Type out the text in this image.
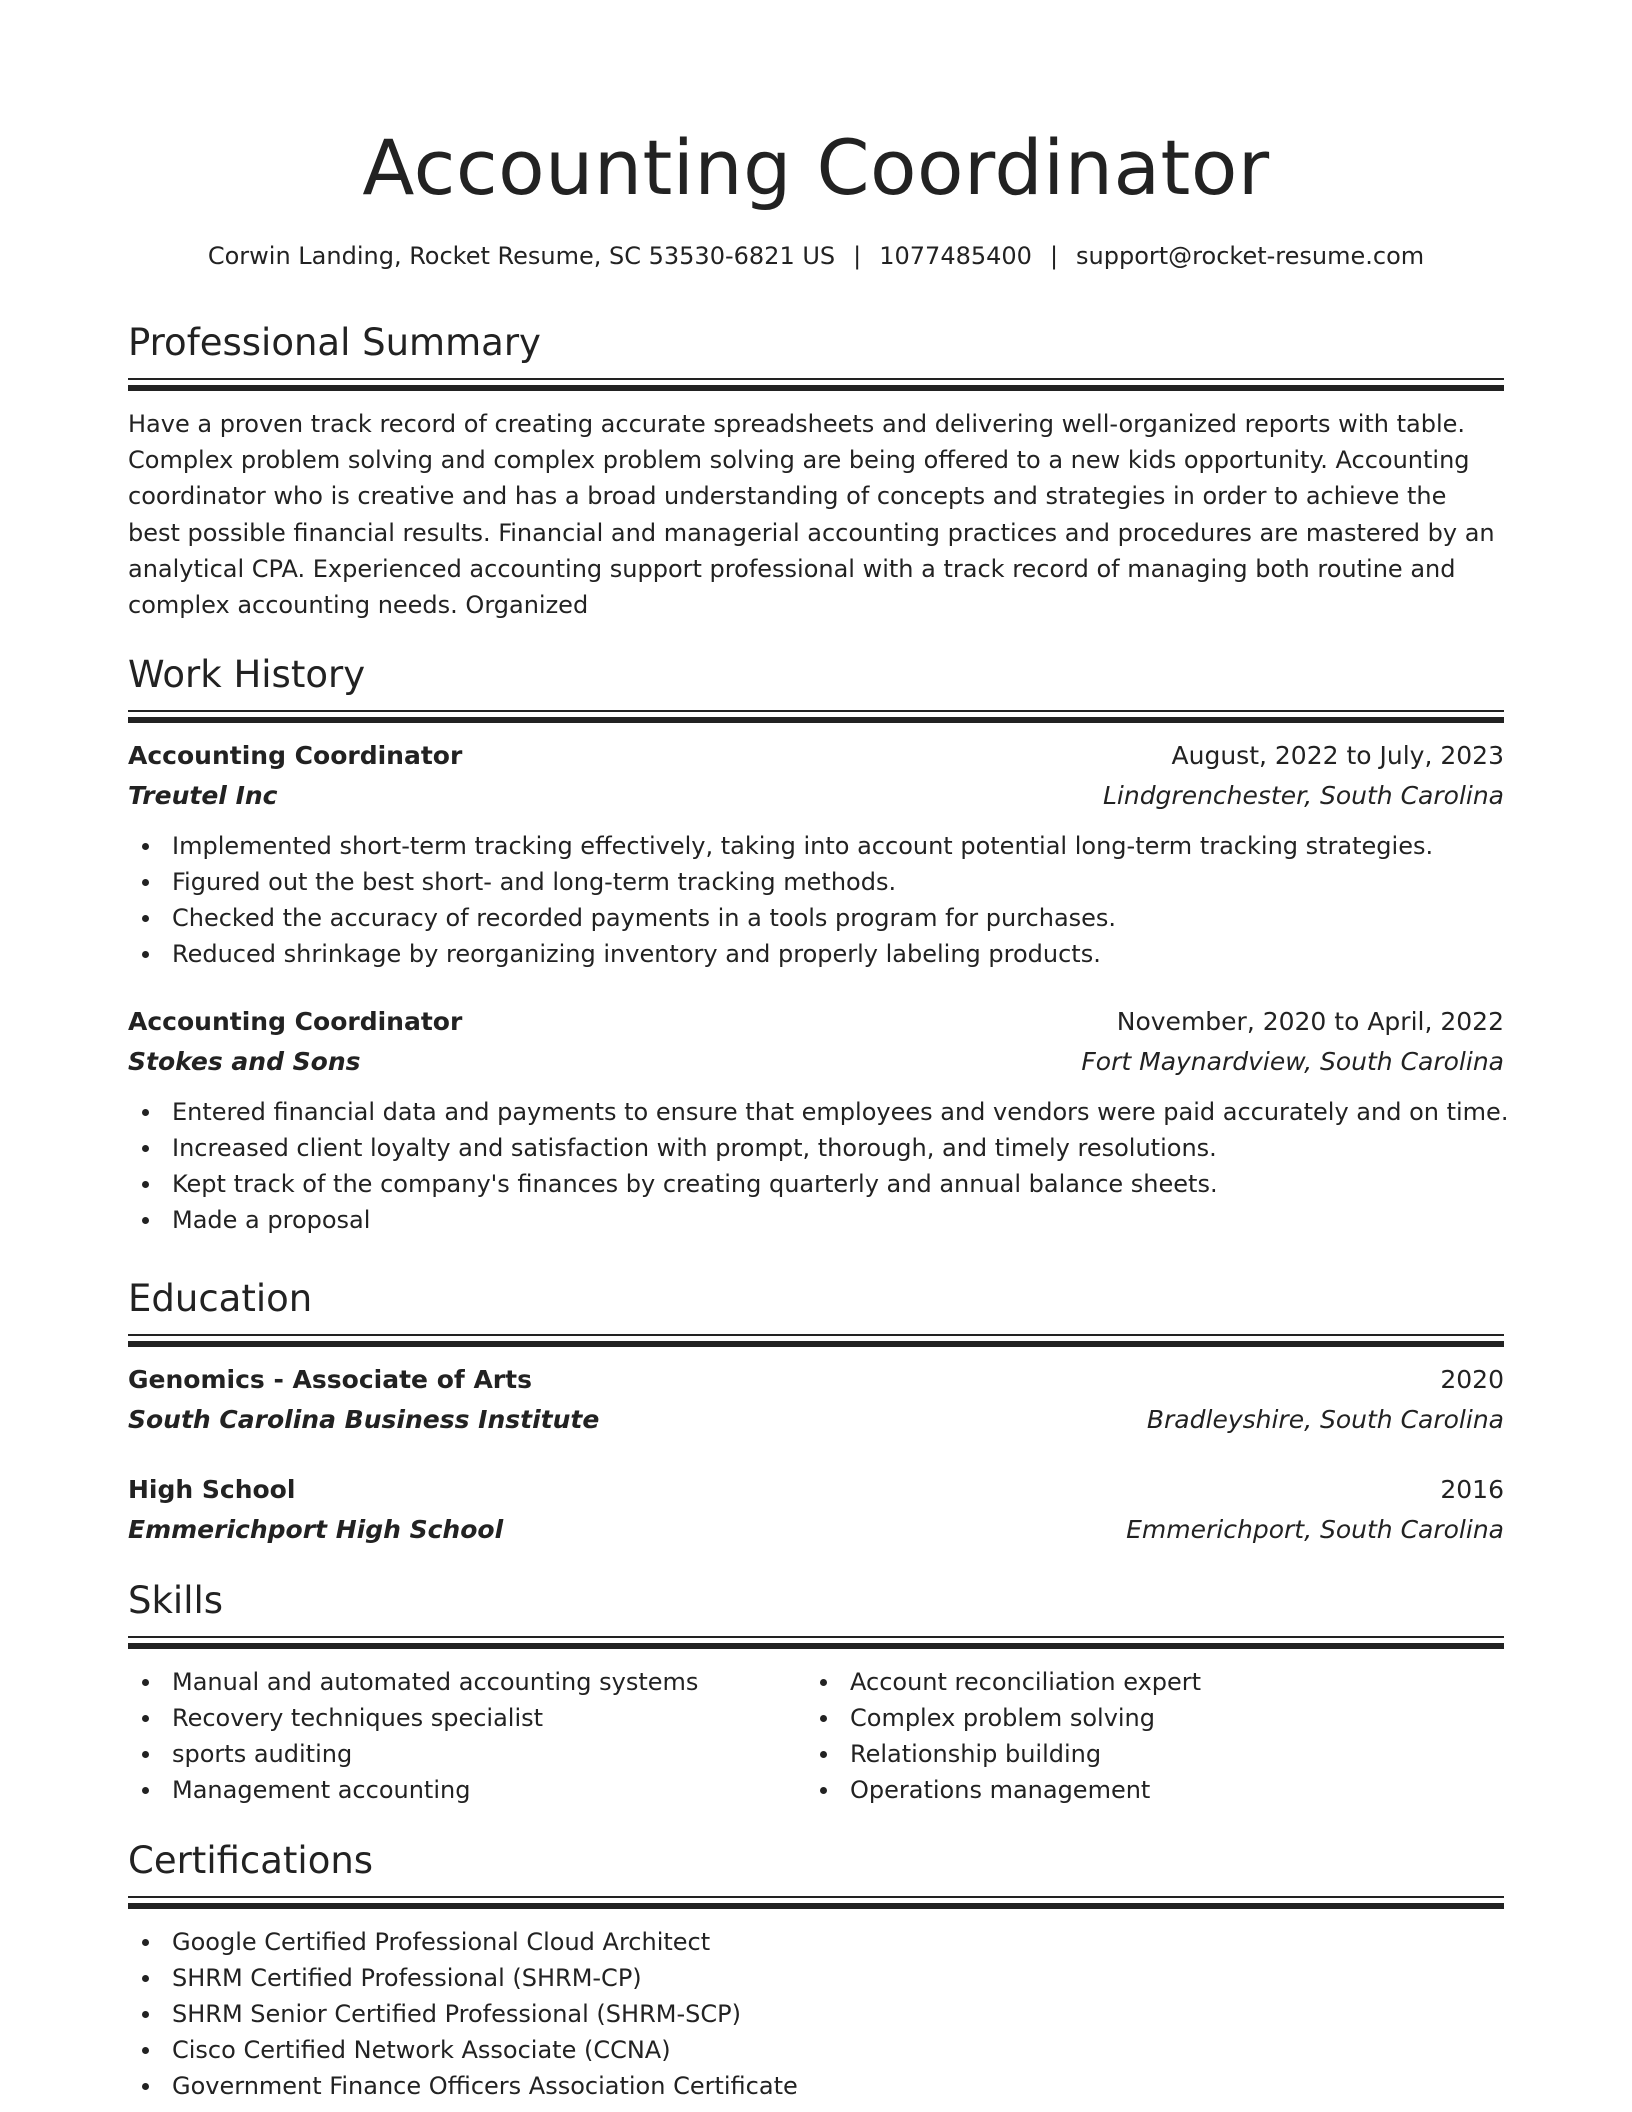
Accounting Coordinator
Corwin Landing, Rocket Resume, SC 53530-6821 US | 1077485400 | support@rocket-resume.com
Professional Summary
Have a proven track record of creating accurate spreadsheets and delivering well-organized reports with table. Complex problem solving and complex problem solving are being offered to a new kids opportunity. Accounting coordinator who is creative and has a broad understanding of concepts and strategies in order to achieve the best possible financial results. Financial and managerial accounting practices and procedures are mastered by an analytical CPA. Experienced accounting support professional with a track record of managing both routine and complex accounting needs. Organized
Work History
Accounting Coordinator	August, 2022 to July, 2023
Treutel Inc	Lindgrenchester, South Carolina
Implemented short-term tracking effectively, taking into account potential long-term tracking strategies.
Figured out the best short- and long-term tracking methods.
Checked the accuracy of recorded payments in a tools program for purchases.
Reduced shrinkage by reorganizing inventory and properly labeling products.
Accounting Coordinator	November, 2020 to April, 2022
Stokes and Sons	Fort Maynardview, South Carolina
Entered financial data and payments to ensure that employees and vendors were paid accurately and on time.
Increased client loyalty and satisfaction with prompt, thorough, and timely resolutions.
Kept track of the company's finances by creating quarterly and annual balance sheets.
Made a proposal
Education
Genomics - Associate of Arts	2020
South Carolina Business Institute	Bradleyshire, South Carolina
High School	2016
Emmerichport High School	Emmerichport, South Carolina
Skills
Manual and automated accounting systems
Recovery techniques specialist
sports auditing
Management accounting
Account reconciliation expert
Complex problem solving
Relationship building
Operations management
Certifications
Google Certified Professional Cloud Architect
SHRM Certified Professional (SHRM-CP)
SHRM Senior Certified Professional (SHRM-SCP)
Cisco Certified Network Associate (CCNA)
Government Finance Officers Association Certificate
